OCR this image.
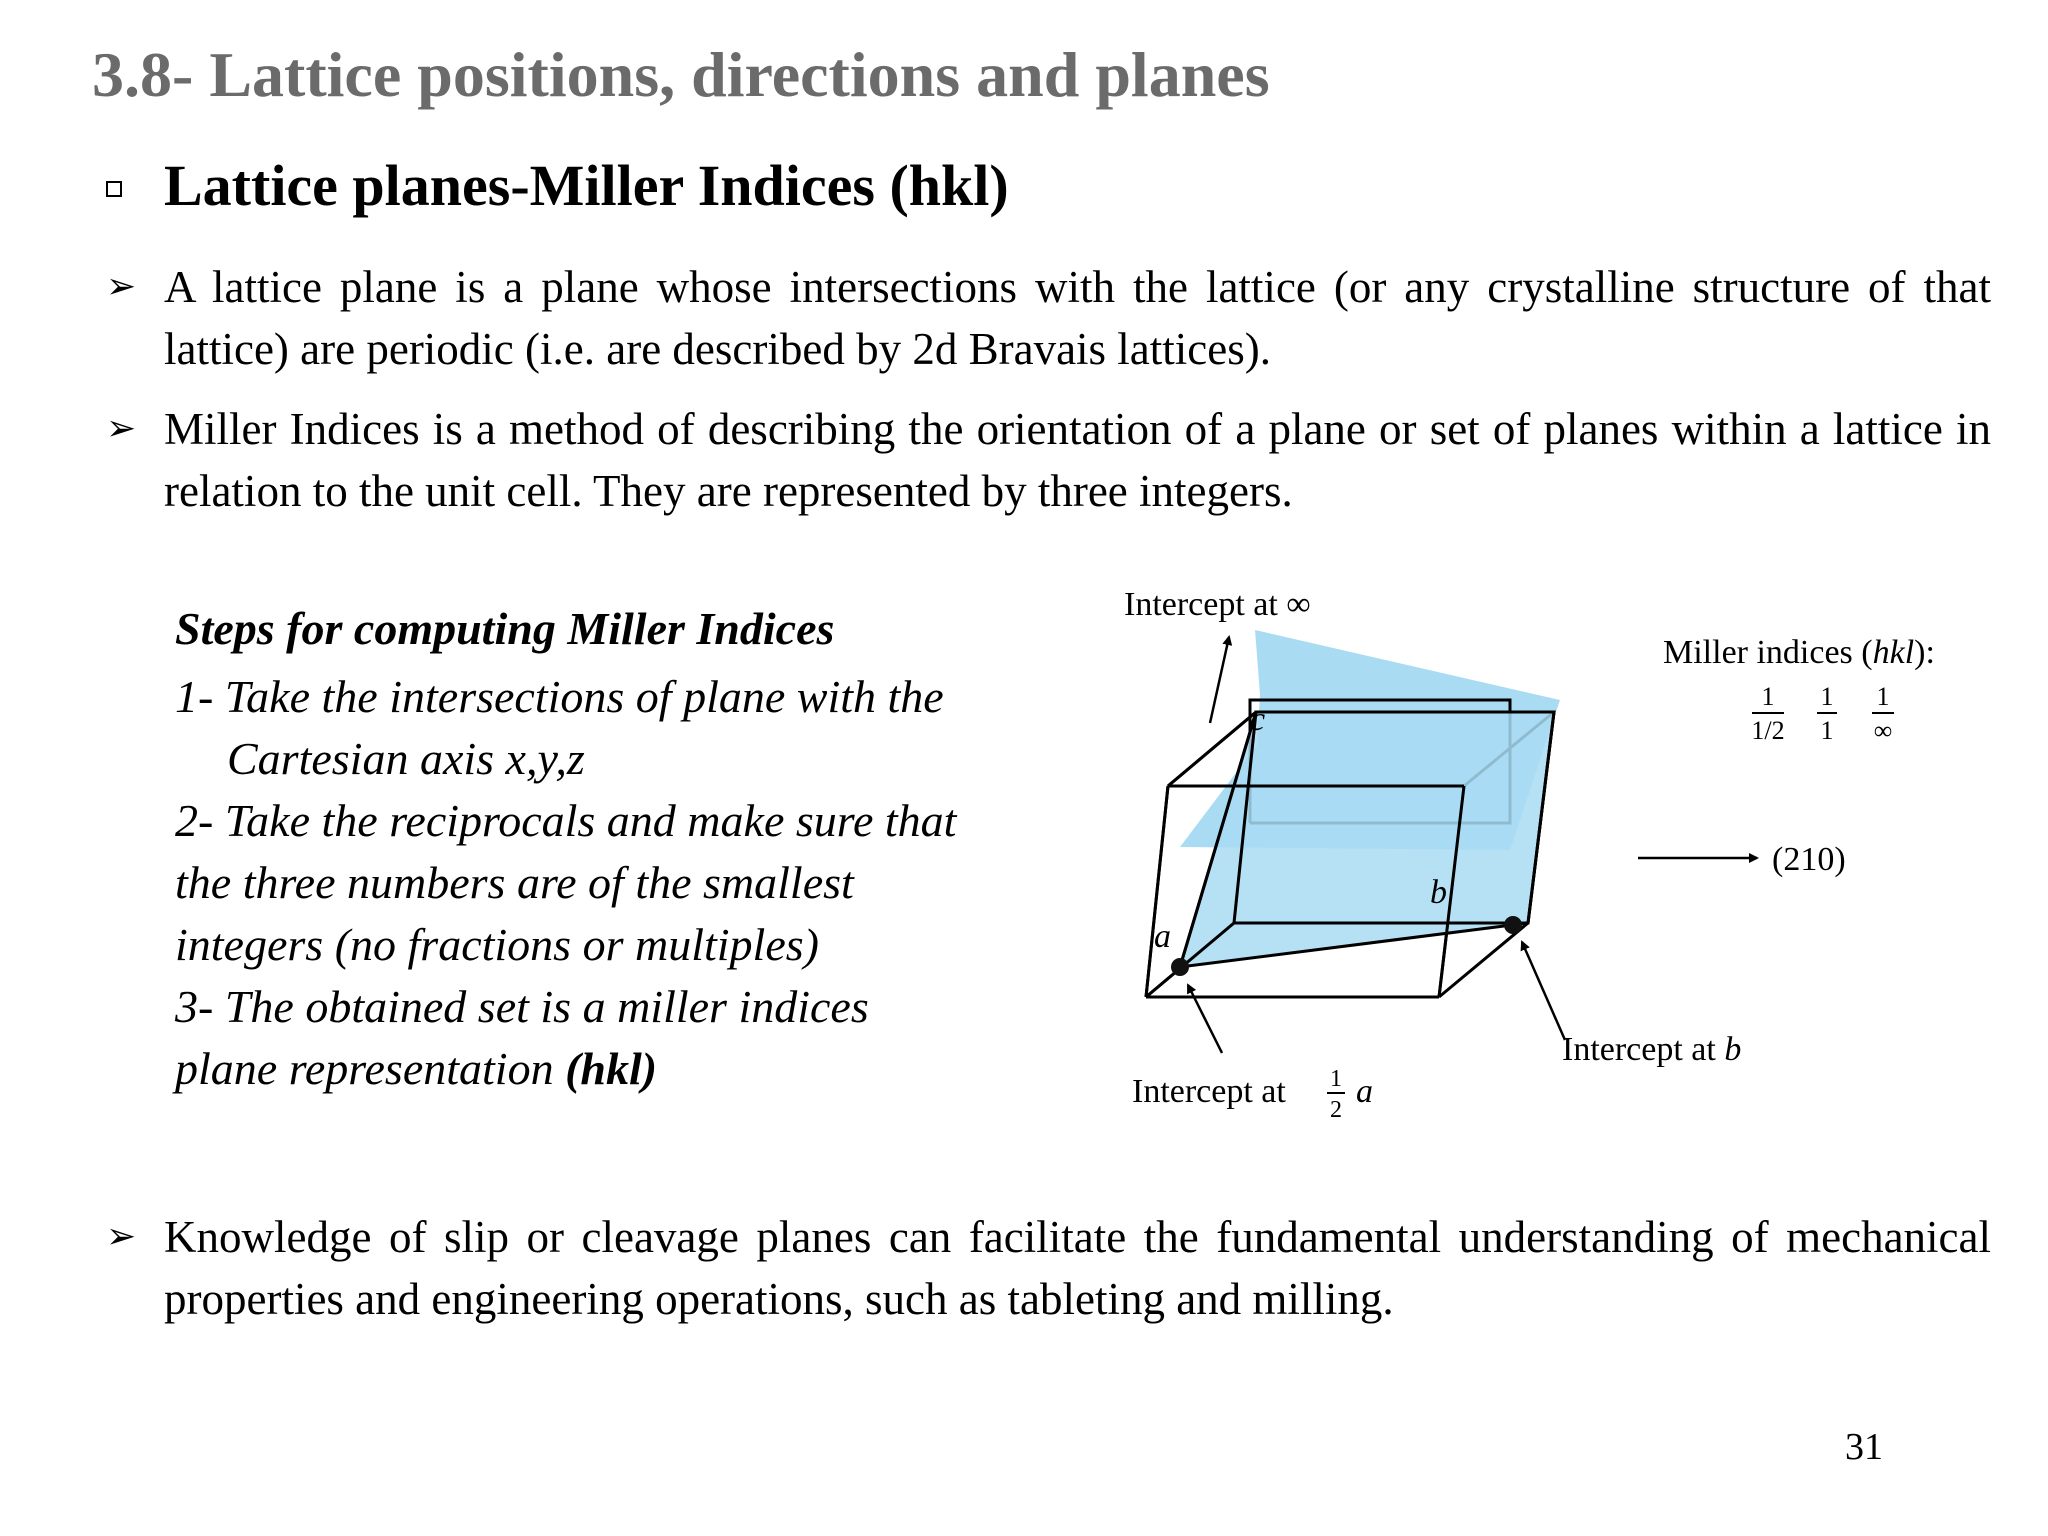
3.8- Lattice positions, directions and planes
Lattice planes-Miller Indices (hkl)
➢ A lattice plane is a plane whose intersections with the lattice (or any crystalline structure of that lattice) are periodic (i.e. are described by 2d Bravais lattices).
➢ Miller Indices is a method of describing the orientation of a plane or set of planes within a lattice in relation to the unit cell. They are represented by three integers.
Steps for computing Miller Indices
1- Take the intersections of plane with the
Cartesian axis x,y,z
2- Take the reciprocals and make sure that
the three numbers are of the smallest
integers (no fractions or multiples)
3- The obtained set is a miller indices
plane representation (hkl)
c
b
a
Intercept at ∞
Miller indices (hkl):
1
1/2
1
1
1
∞
(210)
Intercept at b
Intercept at 1
2 a
➢ Knowledge of slip or cleavage planes can facilitate the fundamental understanding of mechanical properties and engineering operations, such as tableting and milling.
31
